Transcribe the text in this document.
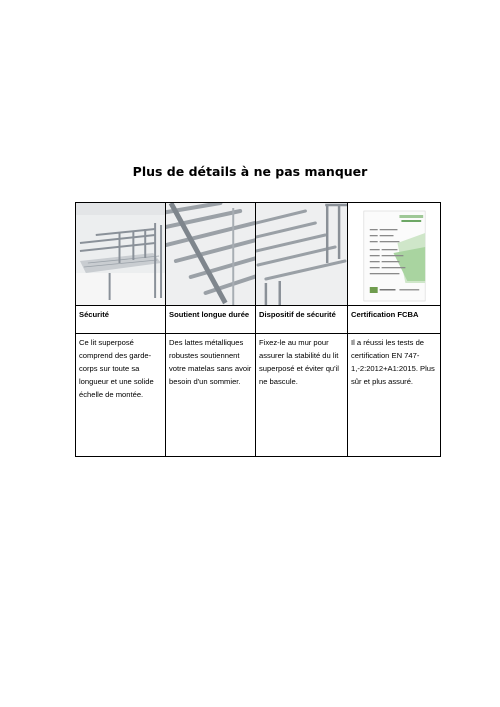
Plus de détails à ne pas manquer

Sécurité	Soutient longue durée	Dispositif de sécurité	Certification FCBA

Ce lit superposé comprend des garde-corps sur toute sa longueur et une solide échelle de montée.	Des lattes métalliques robustes soutiennent votre matelas sans avoir besoin d'un sommier.	Fixez-le au mur pour assurer la stabilité du lit superposé et éviter qu'il ne bascule.	Il a réussi les tests de certification EN 747-1,-2:2012+A1:2015. Plus sûr et plus assuré.
